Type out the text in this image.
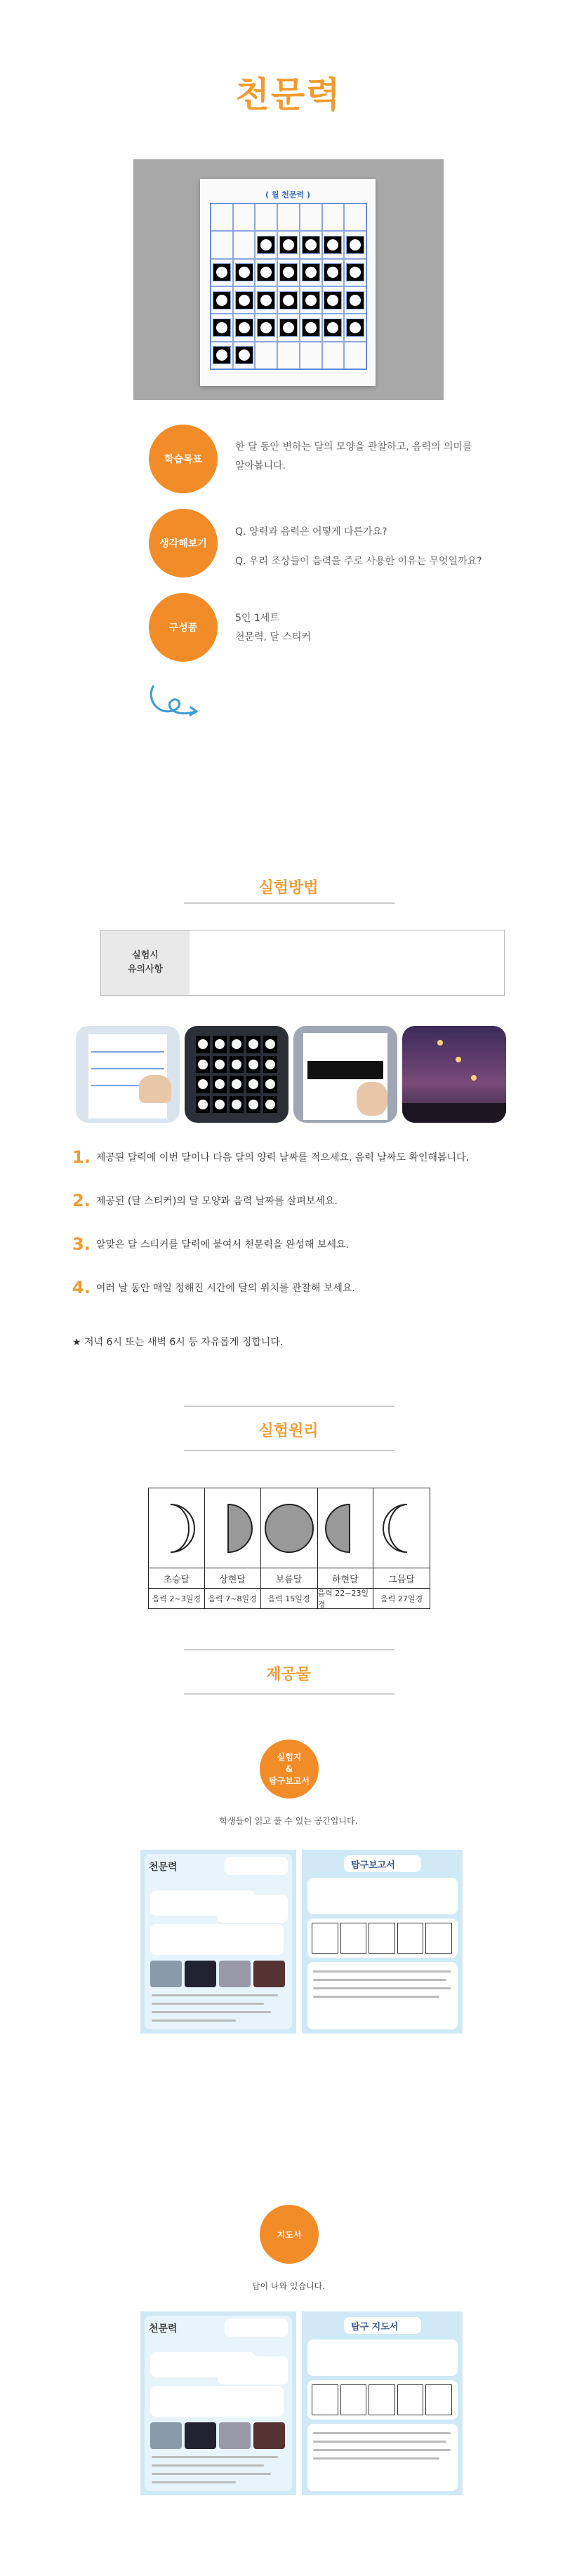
천문력
( 월 천문력 )
학습목표
한 달 동안 변하는 달의 모양을 관찰하고, 음력의 의미를
알아봅니다.
생각해보기
Q. 양력과 음력은 어떻게 다른가요?
Q. 우리 조상들이 음력을 주로 사용한 이유는 무엇일까요?
구성품
5인 1세트
천문력, 달 스티커
실험방법
실험시
유의사항
1. 제공된 달력에 이번 달이나 다음 달의 양력 날짜를 적으세요. 음력 날짜도 확인해봅니다.
2. 제공된 (달 스티커)의 달 모양과 음력 날짜를 살펴보세요.
3. 알맞은 달 스티커를 달력에 붙여서 천문력을 완성해 보세요.
4. 여러 날 동안 매일 정해진 시간에 달의 위치를 관찰해 보세요.
★ 저녁 6시 또는 새벽 6시 등 자유롭게 정합니다.
실험원리
초승달
음력 2~3일경
상현달
음력 7~8일경
보름달
음력 15일경
하현달
음력 22~23일경
그믐달
음력 27일경
제공물
실험지
&
탐구보고서
학생들이 읽고 풀 수 있는 공간입니다.
천문력	탐구보고서
지도서
답이 나와 있습니다.
천문력	탐구 지도서
